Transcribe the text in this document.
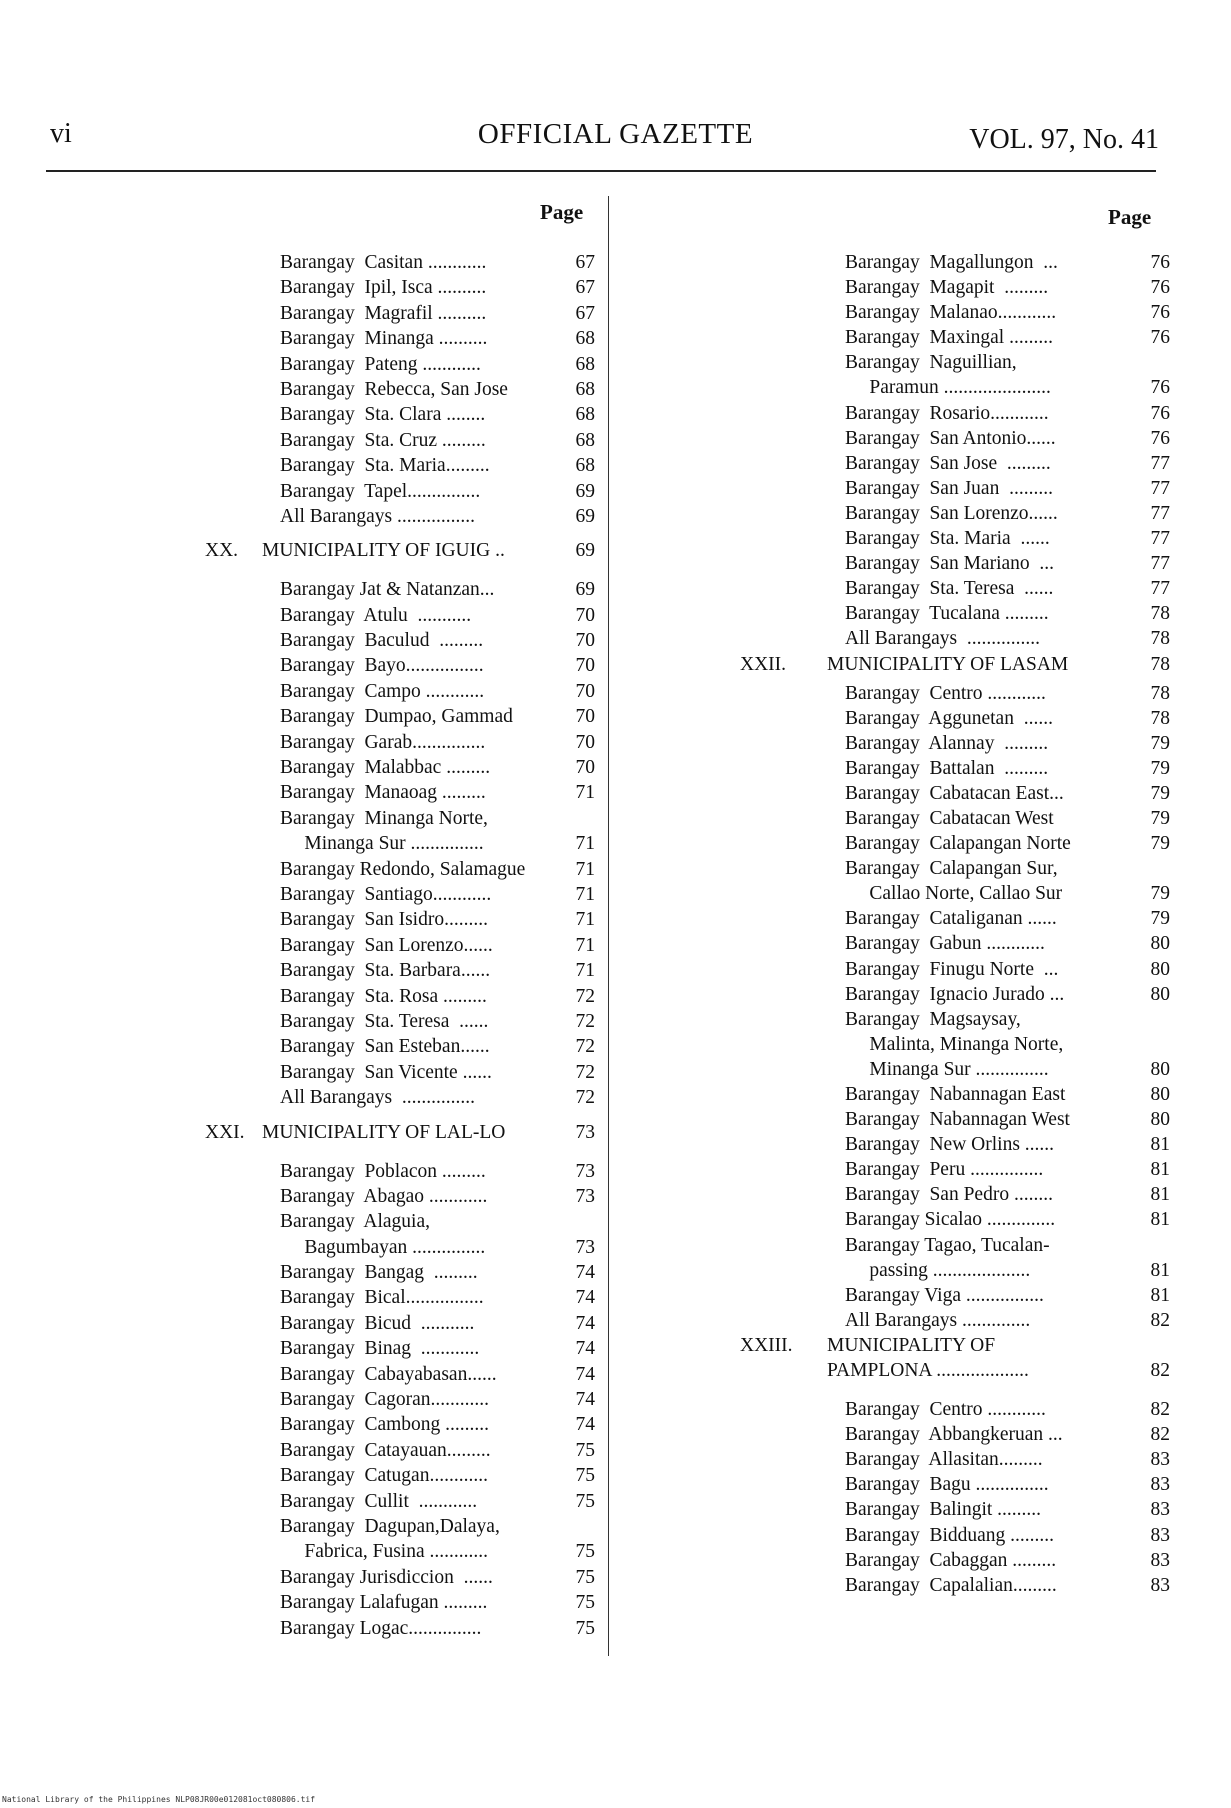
vi	OFFICIAL GAZETTE	VOL. 97, No. 41
Page	Page
Barangay  Casitan ............	67
Barangay  Ipil, Isca ..........	67
Barangay  Magrafil ..........	67
Barangay  Minanga ..........	68
Barangay  Pateng ............	68
Barangay  Rebecca, San Jose	68
Barangay  Sta. Clara ........	68
Barangay  Sta. Cruz .........	68
Barangay  Sta. Maria.........	68
Barangay  Tapel...............	69
All Barangays ................	69
XX. MUNICIPALITY OF IGUIG ..	69
Barangay Jat & Natanzan...	69
Barangay  Atulu  ...........	70
Barangay  Baculud  .........	70
Barangay  Bayo................	70
Barangay  Campo ............	70
Barangay  Dumpao, Gammad	70
Barangay  Garab...............	70
Barangay  Malabbac .........	70
Barangay  Manaoag .........	71
Barangay  Minanga Norte,
Minanga Sur ...............	71
Barangay Redondo, Salamague	71
Barangay  Santiago............	71
Barangay  San Isidro.........	71
Barangay  San Lorenzo......	71
Barangay  Sta. Barbara......	71
Barangay  Sta. Rosa .........	72
Barangay  Sta. Teresa  ......	72
Barangay  San Esteban......	72
Barangay  San Vicente ......	72
All Barangays  ...............	72
XXI. MUNICIPALITY OF LAL-LO	73
Barangay  Poblacon .........	73
Barangay  Abagao ............	73
Barangay  Alaguia,
Bagumbayan ...............	73
Barangay  Bangag  .........	74
Barangay  Bical................	74
Barangay  Bicud  ...........	74
Barangay  Binag  ............	74
Barangay  Cabayabasan......	74
Barangay  Cagoran............	74
Barangay  Cambong .........	74
Barangay  Catayauan.........	75
Barangay  Catugan............	75
Barangay  Cullit  ............	75
Barangay  Dagupan,Dalaya,
Fabrica, Fusina ............	75
Barangay Jurisdiccion  ......	75
Barangay Lalafugan .........	75
Barangay Logac...............	75
Barangay  Magallungon  ...	76
Barangay  Magapit  .........	76
Barangay  Malanao............	76
Barangay  Maxingal .........	76
Barangay  Naguillian,
Paramun ......................	76
Barangay  Rosario............	76
Barangay  San Antonio......	76
Barangay  San Jose  .........	77
Barangay  San Juan  .........	77
Barangay  San Lorenzo......	77
Barangay  Sta. Maria  ......	77
Barangay  San Mariano  ...	77
Barangay  Sta. Teresa  ......	77
Barangay  Tucalana .........	78
All Barangays  ...............	78
XXII. MUNICIPALITY OF LASAM	78
Barangay  Centro ............	78
Barangay  Aggunetan  ......	78
Barangay  Alannay  .........	79
Barangay  Battalan  .........	79
Barangay  Cabatacan East...	79
Barangay  Cabatacan West	79
Barangay  Calapangan Norte	79
Barangay  Calapangan Sur,
Callao Norte, Callao Sur	79
Barangay  Cataliganan ......	79
Barangay  Gabun ............	80
Barangay  Finugu Norte  ...	80
Barangay  Ignacio Jurado ...	80
Barangay  Magsaysay,
Malinta, Minanga Norte,
Minanga Sur ...............	80
Barangay  Nabannagan East	80
Barangay  Nabannagan West	80
Barangay  New Orlins ......	81
Barangay  Peru ...............	81
Barangay  San Pedro ........	81
Barangay Sicalao ..............	81
Barangay Tagao, Tucalan-
passing ....................	81
Barangay Viga ................	81
All Barangays ..............	82
XXIII. MUNICIPALITY OF
PAMPLONA ...................	82
Barangay  Centro ............	82
Barangay  Abbangkeruan ...	82
Barangay  Allasitan.........	83
Barangay  Bagu ...............	83
Barangay  Balingit .........	83
Barangay  Bidduang .........	83
Barangay  Cabaggan .........	83
Barangay  Capalalian.........	83
National Library of the Philippines NLP08JR00e012081oct080806.tif
